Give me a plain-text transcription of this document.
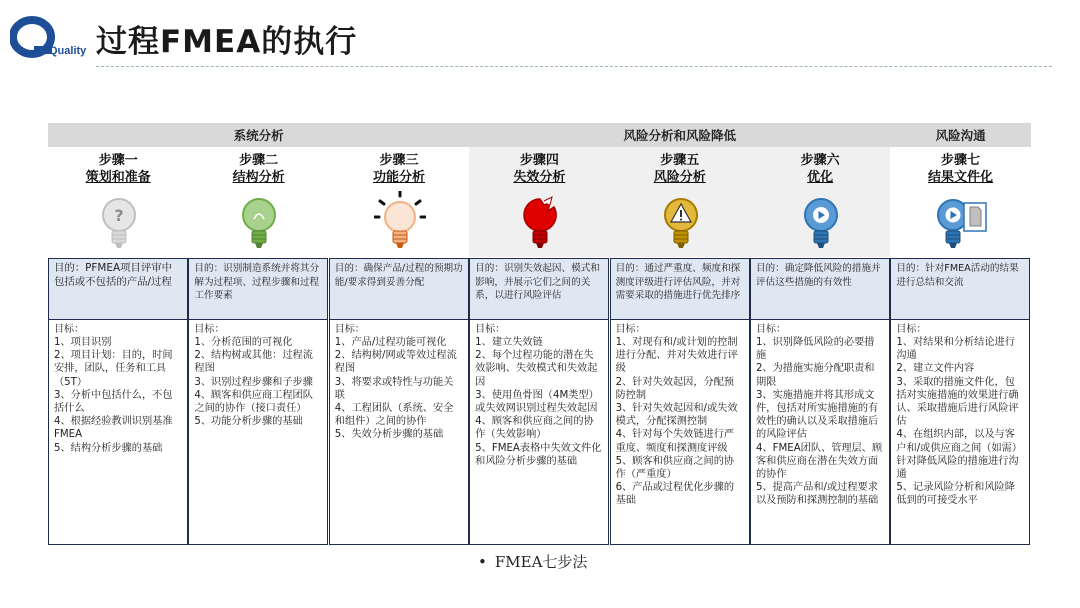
Quality 过程FMEA的执行
系统分析	风险分析和风险降低	风险沟通
步骤一
策划和准备
?
目的：PFMEA项目评审中包括或不包括的产品/过程
目标：
1、项目识别
2、项目计划：目的，时间安排，团队，任务和工具（5T）
3、分析中包括什么，不包括什么
4、根据经验教训识别基准FMEA
5、结构分析步骤的基础
步骤二
结构分析
目的：识别制造系统并将其分解为过程项、过程步骤和过程工作要素
目标：
1、分析范围的可视化
2、结构树或其他：过程流程图
3、识别过程步骤和子步骤
4、顾客和供应商工程团队之间的协作（接口责任）
5、功能分析步骤的基础
步骤三
功能分析
目的：确保产品/过程的预期功能/要求得到妥善分配
目标：
1、产品/过程功能可视化
2、结构树/网或等效过程流程图
3、将要求或特性与功能关联
4、工程团队（系统、安全和组件）之间的协作
5、失效分析步骤的基础
步骤四
失效分析
目的：识别失效起因、模式和影响，并展示它们之间的关系，以进行风险评估
目标：
1、建立失效链
2、每个过程功能的潜在失效影响、失效模式和失效起因
3、使用鱼骨图（4M类型）或失效网识别过程失效起因
4、顾客和供应商之间的协作（失效影响）
5、FMEA表格中失效文件化和风险分析步骤的基础
步骤五
风险分析
目的：通过严重度、频度和探测度评级进行评估风险，并对需要采取的措施进行优先排序
目标：
1、对现有和/或计划的控制进行分配、并对失效进行评级
2、针对失效起因，分配预防控制
3、针对失效起因和/或失效模式，分配探测控制
4、针对每个失效链进行严重度、频度和探测度评级
5、顾客和供应商之间的协作（严重度）
6、产品或过程优化步骤的基础
步骤六
优化
目的：确定降低风险的措施并评估这些措施的有效性
目标：
1、识别降低风险的必要措施
2、为措施实施分配职责和期限
3、实施措施并将其形成文件，包括对所实施措施的有效性的确认以及采取措施后的风险评估
4、FMEA团队、管理层、顾客和供应商在潜在失效方面的协作
5、提高产品和/或过程要求以及预防和探测控制的基础
步骤七
结果文件化
目的：针对FMEA活动的结果进行总结和交流
目标：
1、对结果和分析结论进行沟通
2、建立文件内容
3、采取的措施文件化，包括对实施措施的效果进行确认、采取措施后进行风险评估
4、在组织内部，以及与客户和/或供应商之间（如需）针对降低风险的措施进行沟通
5、记录风险分析和风险降低到的可接受水平
• FMEA七步法
